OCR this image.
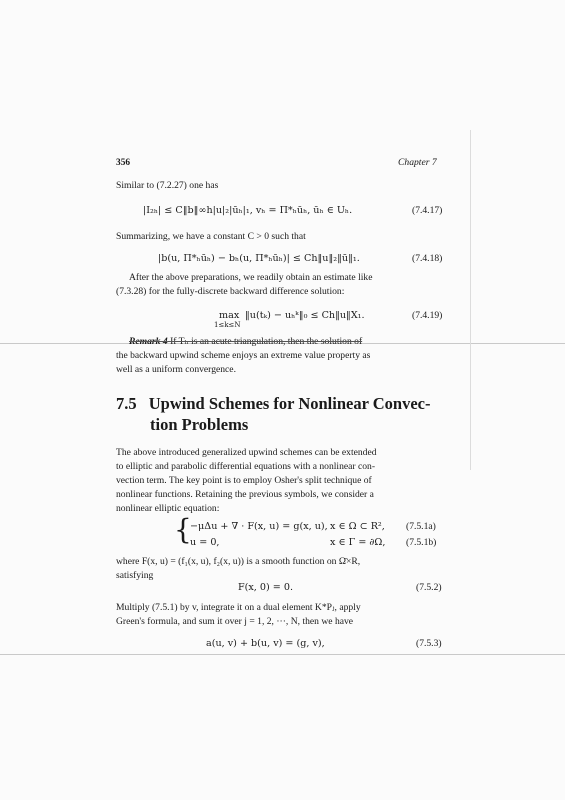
356	Chapter 7
Similar to (7.2.27) one has
|I₂ₕ| ≤ C‖b‖∞h|u|₂|ūₕ|₁, vₕ = Π*ₕūₕ, ūₕ ∈ Uₕ.	(7.4.17)
Summarizing, we have a constant C > 0 such that
|b(u, Π*ₕūₕ) − bₕ(u, Π*ₕūₕ)| ≤ Ch‖u‖₂‖ū‖₁.	(7.4.18)
After the above preparations, we readily obtain an estimate like
(7.3.28) for the fully-discrete backward difference solution:
max
1≤k≤N
‖u(tₖ) − uₕᵏ‖₀ ≤ Ch‖u‖X₁.	(7.4.19)
Remark 4 If Tₕ is an acute triangulation, then the solution of
the backward upwind scheme enjoys an extreme value property as
well as a uniform convergence.
7.5 Upwind Schemes for Nonlinear Convec-
tion Problems
The above introduced generalized upwind schemes can be extended
to elliptic and parabolic differential equations with a nonlinear con-
vection term. The key point is to employ Osher's split technique of
nonlinear functions. Retaining the previous symbols, we consider a
nonlinear elliptic equation:
{
−μΔu + ∇ · F(x, u) = g(x, u), x ∈ Ω ⊂ R², (7.5.1a)
u = 0,	x ∈ Γ = ∂Ω, (7.5.1b)
where F(x, u) = (f₁(x, u), f₂(x, u)) is a smooth function on Ω̄×R,
satisfying
F(x, 0) = 0.	(7.5.2)
Multiply (7.5.1) by v, integrate it on a dual element K*Pⱼ, apply
Green's formula, and sum it over j = 1, 2, ···, N, then we have
a(u, v) + b(u, v) = (g, v),	(7.5.3)
